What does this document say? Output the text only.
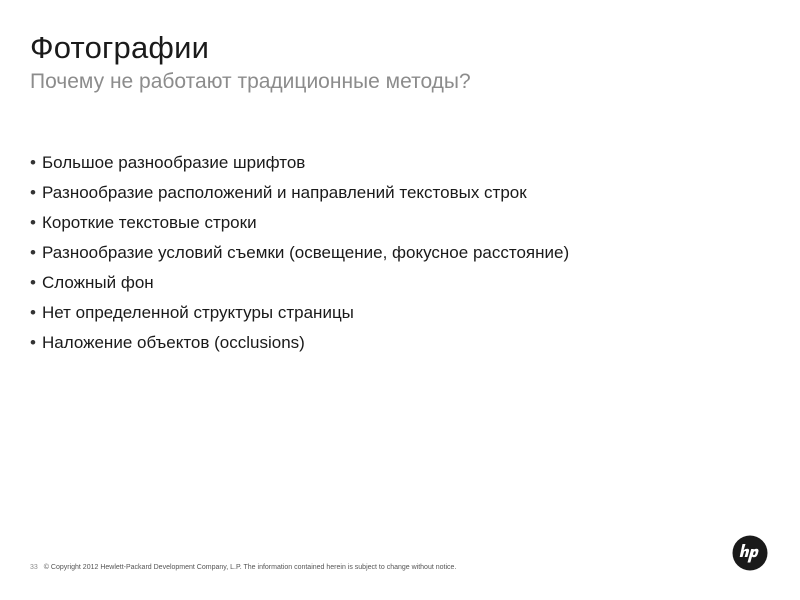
Фотографии
Почему не работают традиционные методы?
• Большое разнообразие шрифтов
• Разнообразие расположений и направлений текстовых строк
• Короткие текстовые строки
• Разнообразие условий съемки (освещение, фокусное расстояние)
• Сложный фон
• Нет определенной структуры страницы
• Наложение объектов (occlusions)
33 © Copyright 2012 Hewlett-Packard Development Company, L.P. The information contained herein is subject to change without notice.
